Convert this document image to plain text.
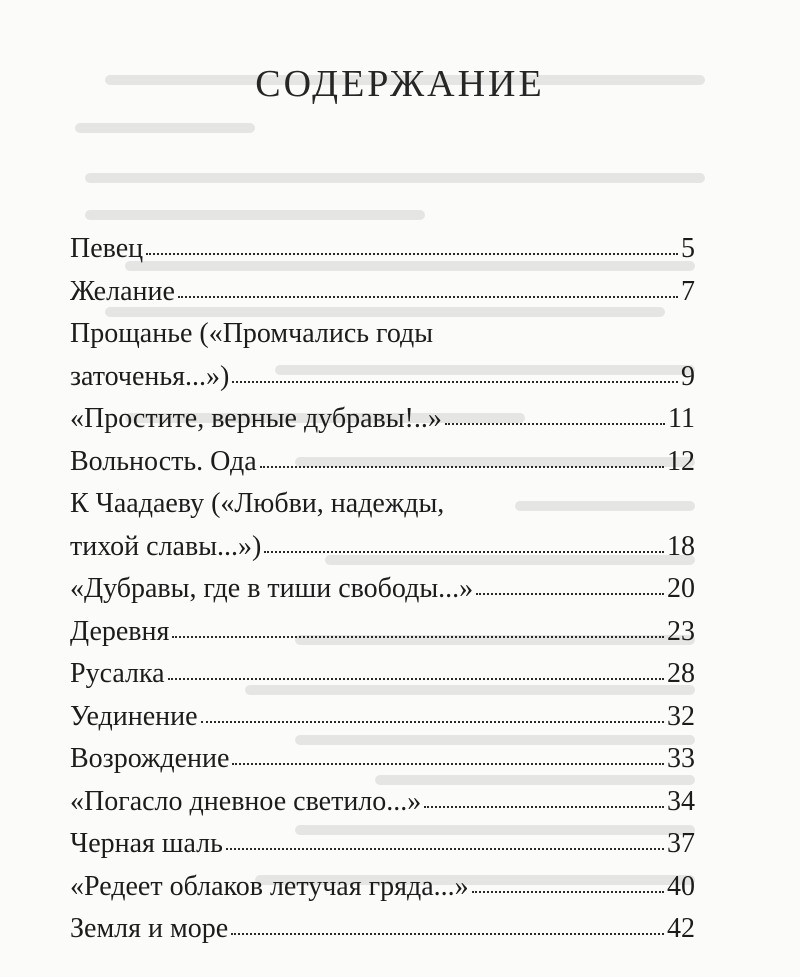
СОДЕРЖАНИЕ
Певец	5
Желание	7
Прощанье («Промчались годы
заточенья...»)	9
«Простите, верные дубравы!..»	11
Вольность. Ода	12
К Чаадаеву («Любви, надежды,
тихой славы...»)	18
«Дубравы, где в тиши свободы...»	20
Деревня	23
Русалка	28
Уединение	32
Возрождение	33
«Погасло дневное светило...»	34
Черная шаль	37
«Редеет облаков летучая гряда...»	40
Земля и море	42
